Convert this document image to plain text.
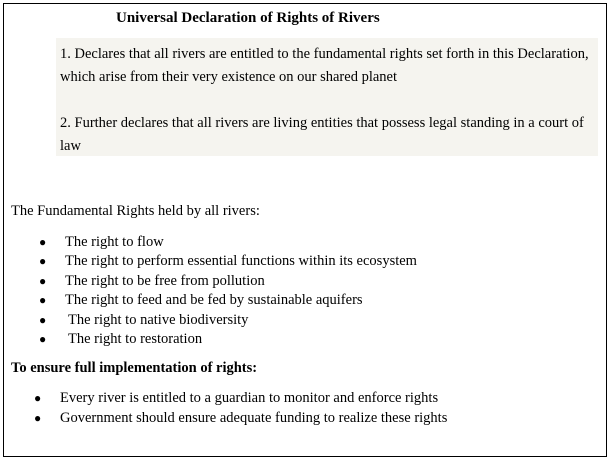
Universal Declaration of Rights of Rivers

1. Declares that all rivers are entitled to the fundamental rights set forth in this Declaration, which arise from their very existence on our shared planet

2. Further declares that all rivers are living entities that possess legal standing in a court of law

The Fundamental Rights held by all rivers:
● The right to flow
● The right to perform essential functions within its ecosystem
● The right to be free from pollution
● The right to feed and be fed by sustainable aquifers
● The right to native biodiversity
● The right to restoration
To ensure full implementation of rights:
● Every river is entitled to a guardian to monitor and enforce rights
● Government should ensure adequate funding to realize these rights
